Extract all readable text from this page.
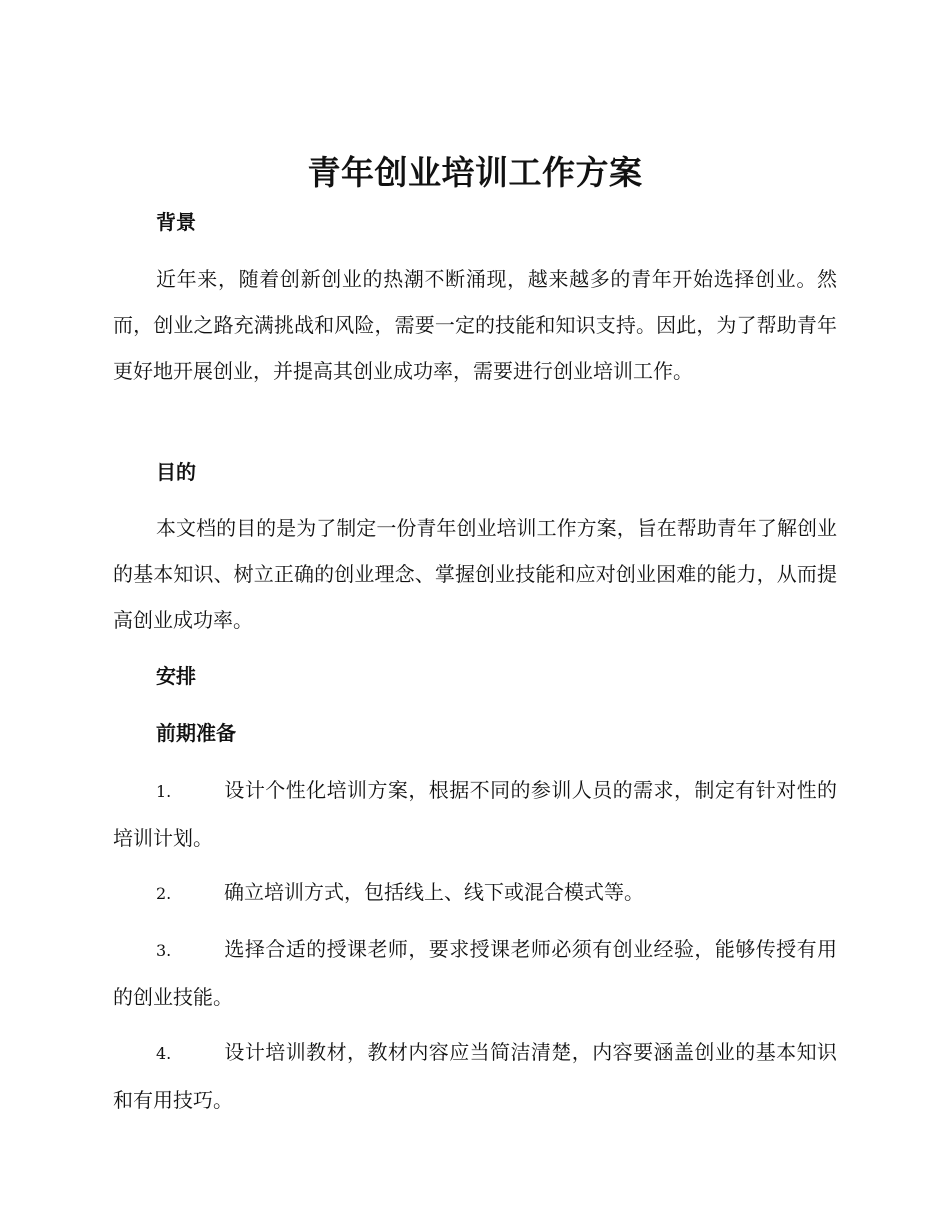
青年创业培训工作方案
背景

近年来，随着创新创业的热潮不断涌现，越来越多的青年开始选择创业。然而，创业之路充满挑战和风险，需要一定的技能和知识支持。因此，为了帮助青年更好地开展创业，并提高其创业成功率，需要进行创业培训工作。

目的

本文档的目的是为了制定一份青年创业培训工作方案，旨在帮助青年了解创业的基本知识、树立正确的创业理念、掌握创业技能和应对创业困难的能力，从而提高创业成功率。

安排
前期准备

1.	设计个性化培训方案，根据不同的参训人员的需求，制定有针对性的培训计划。

2.	确立培训方式，包括线上、线下或混合模式等。

3.	选择合适的授课老师，要求授课老师必须有创业经验，能够传授有用的创业技能。

4.	设计培训教材，教材内容应当简洁清楚，内容要涵盖创业的基本知识和有用技巧。
